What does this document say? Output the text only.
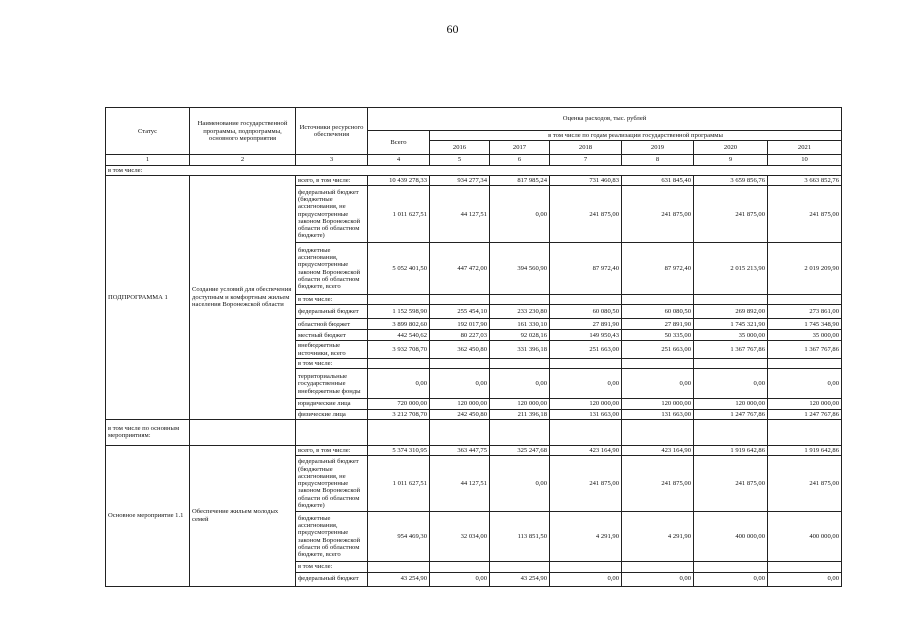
60
Статус	Наименование государственной программы, подпрограммы, основного мероприятия	Источники ресурсного обеспечения	Оценка расходов, тыс. рублей						
			Всего	в том числе по годам реализации государственной программы					
				2016	2017	2018	2019	2020	2021
1	2	3	4	5	6	7	8	9	10
в том числе:									
ПОДПРОГРАММА 1	Создание условий для обеспечения доступным и комфортным жильем населения Воронежской области	всего, в том числе:	10 439 278,33	934 277,34	817 985,24	731 460,83	631 845,40	3 659 856,76	3 663 852,76
		федеральный бюджет (бюджетные ассигнования, не предусмотренные законом Воронежской области об областном бюджете)	1 011 627,51	44 127,51	0,00	241 875,00	241 875,00	241 875,00	241 875,00
		бюджетные ассигнования, предусмотренные законом Воронежской области об областном бюджете, всего	5 052 401,50	447 472,00	394 560,90	87 972,40	87 972,40	2 015 213,90	2 019 209,90
		в том числе:							
		федеральный бюджет	1 152 598,90	255 454,10	233 230,80	60 080,50	60 080,50	269 892,00	273 861,00
		областной бюджет	3 899 802,60	192 017,90	161 330,10	27 891,90	27 891,90	1 745 321,90	1 745 348,90
		местный бюджет	442 540,62	80 227,03	92 028,16	149 950,43	50 335,00	35 000,00	35 000,00
		внебюджетные источники, всего	3 932 708,70	362 450,80	331 396,18	251 663,00	251 663,00	1 367 767,86	1 367 767,86
		в том числе:							
		территориальные государственные внебюджетные фонды	0,00	0,00	0,00	0,00	0,00	0,00	0,00
		юридические лица	720 000,00	120 000,00	120 000,00	120 000,00	120 000,00	120 000,00	120 000,00
		физические лица	3 212 708,70	242 450,80	211 396,18	131 663,00	131 663,00	1 247 767,86	1 247 767,86
в том числе по основным мероприятиям:									
Основное мероприятие 1.1	Обеспечение жильем молодых семей	всего, в том числе:	5 374 310,95	363 447,75	325 247,68	423 164,90	423 164,90	1 919 642,86	1 919 642,86
		федеральный бюджет (бюджетные ассигнования, не предусмотренные законом Воронежской области об областном бюджете)	1 011 627,51	44 127,51	0,00	241 875,00	241 875,00	241 875,00	241 875,00
		бюджетные ассигнования, предусмотренные законом Воронежской области об областном бюджете, всего	954 469,30	32 034,00	113 851,50	4 291,90	4 291,90	400 000,00	400 000,00
		в том числе:							
		федеральный бюджет	43 254,90	0,00	43 254,90	0,00	0,00	0,00	0,00
